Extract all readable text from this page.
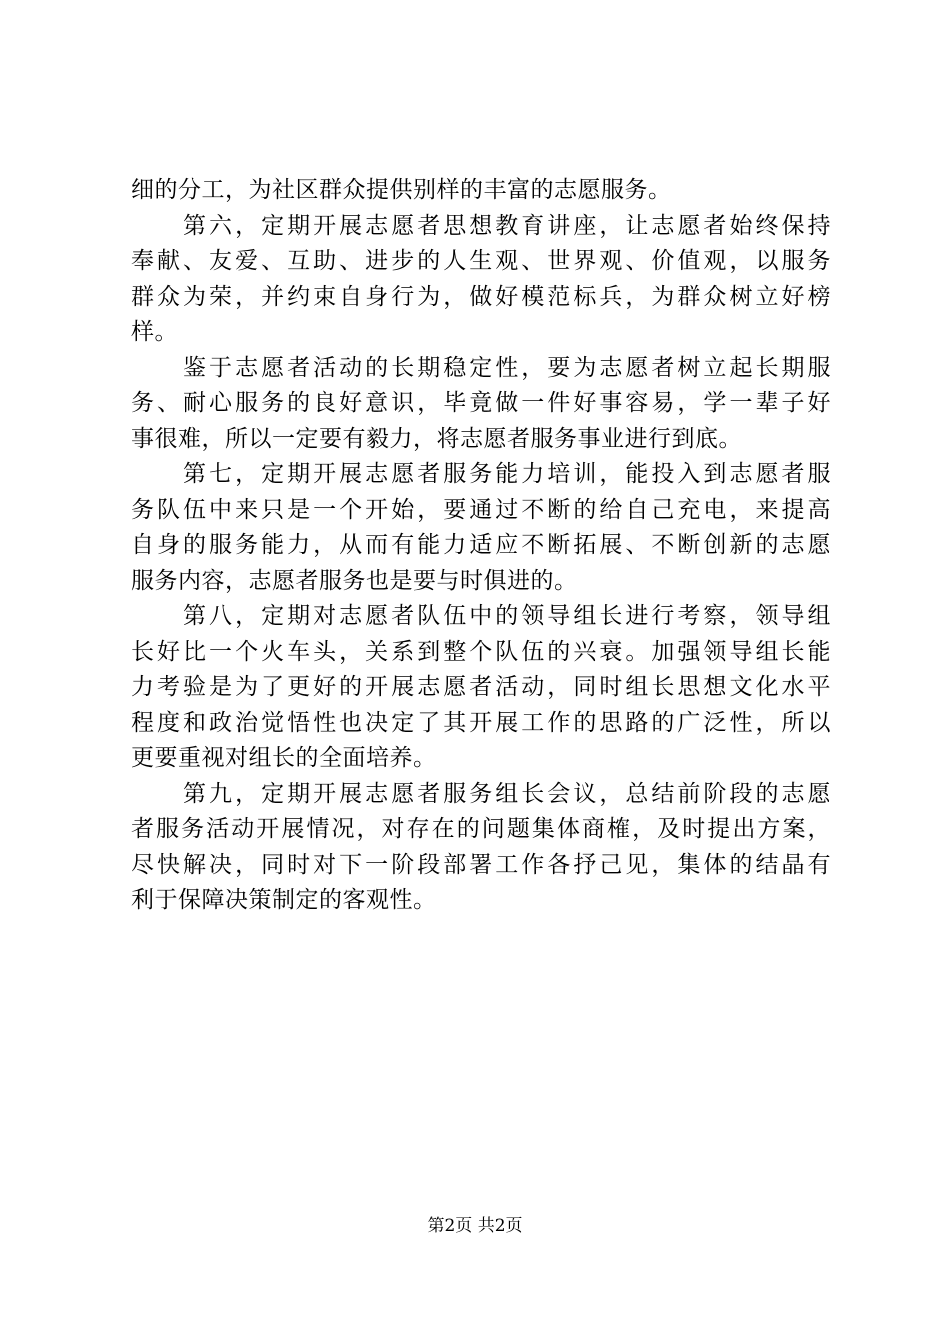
细的分工，为社区群众提供别样的丰富的志愿服务。
　　第六，定期开展志愿者思想教育讲座，让志愿者始终保持
奉献、友爱、互助、进步的人生观、世界观、价值观，以服务
群众为荣，并约束自身行为，做好模范标兵，为群众树立好榜
样。
　　鉴于志愿者活动的长期稳定性，要为志愿者树立起长期服
务、耐心服务的良好意识，毕竟做一件好事容易，学一辈子好
事很难，所以一定要有毅力，将志愿者服务事业进行到底。
　　第七，定期开展志愿者服务能力培训，能投入到志愿者服
务队伍中来只是一个开始，要通过不断的给自己充电，来提高
自身的服务能力，从而有能力适应不断拓展、不断创新的志愿
服务内容，志愿者服务也是要与时俱进的。
　　第八，定期对志愿者队伍中的领导组长进行考察，领导组
长好比一个火车头，关系到整个队伍的兴衰。加强领导组长能
力考验是为了更好的开展志愿者活动，同时组长思想文化水平
程度和政治觉悟性也决定了其开展工作的思路的广泛性，所以
更要重视对组长的全面培养。
　　第九，定期开展志愿者服务组长会议，总结前阶段的志愿
者服务活动开展情况，对存在的问题集体商榷，及时提出方案，
尽快解决，同时对下一阶段部署工作各抒己见，集体的结晶有
利于保障决策制定的客观性。
第2页 共2页
